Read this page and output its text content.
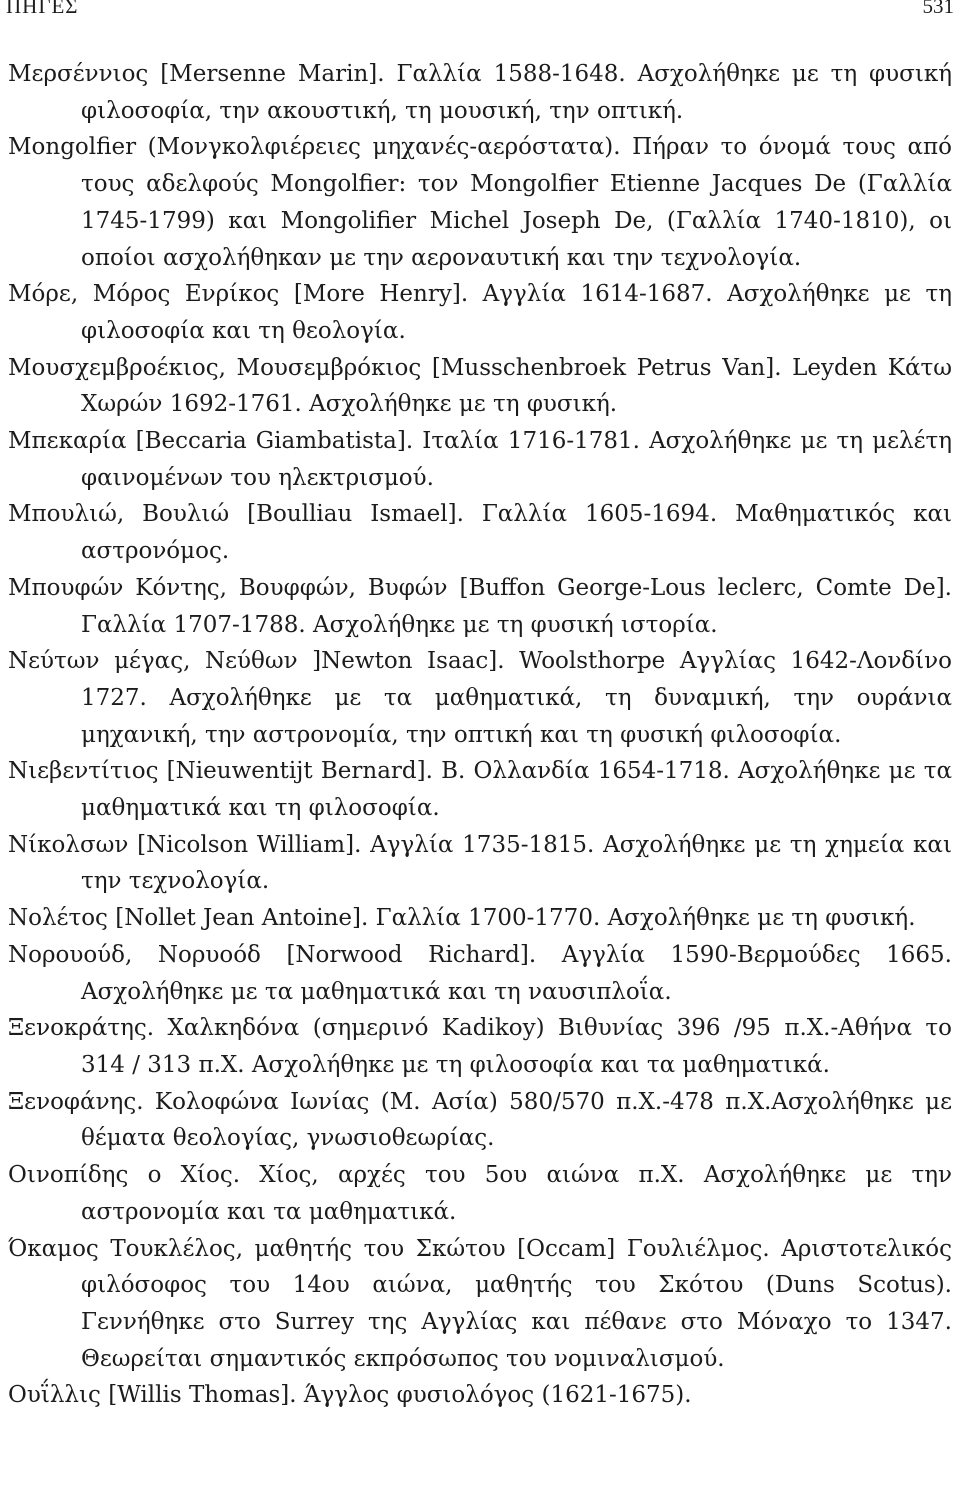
ΠΗΓΕΣ	531

Μερσέννιος [Mersenne Marin]. Γαλλία 1588-1648. Ασχολήθηκε με τη φυσική φιλοσοφία, την ακουστική, τη μουσική, την οπτική.

Mongolfier (Μονγκολφιέρειες μηχανές-αερόστατα). Πήραν το όνομά τους από τους αδελφούς Mongolfier: τον Mongolfier Etienne Jacques De (Γαλλία 1745-1799) και Mongolifier Michel Joseph De, (Γαλλία 1740-1810), οι οποίοι ασχολήθηκαν με την αεροναυτική και την τεχνολογία.

Μόρε, Μόρος Ενρίκος [More Henry]. Αγγλία 1614-1687. Ασχολήθηκε με τη φιλοσοφία και τη θεολογία.

Μουσχεμβροέκιος, Μουσεμβρόκιος [Musschenbroek Petrus Van]. Leyden Κάτω Χωρών 1692-1761. Ασχολήθηκε με τη φυσική.

Μπεκαρία [Beccaria Giambatista]. Ιταλία 1716-1781. Ασχολήθηκε με τη μελέτη φαινομένων του ηλεκτρισμού.

Μπουλιώ, Βουλιώ [Boulliau Ismael]. Γαλλία 1605-1694. Μαθηματικός και αστρονόμος.

Μπουφών Κόντης, Βουφφών, Βυφών [Buffon George-Lous leclerc, Comte De]. Γαλλία 1707-1788. Ασχολήθηκε με τη φυσική ιστορία.

Νεύτων μέγας, Νεύθων ]Newton Isaac]. Woolsthorpe Αγγλίας 1642-Λονδίνο 1727. Ασχολήθηκε με τα μαθηματικά, τη δυναμική, την ουράνια μηχανική, την αστρονομία, την οπτική και τη φυσική φιλοσοφία.

Νιεβεντίτιος [Nieuwentijt Bernard]. Β. Ολλανδία 1654-1718. Ασχολήθηκε με τα μαθηματικά και τη φιλοσοφία.

Νίκολσων [Nicolson William]. Αγγλία 1735-1815. Ασχολήθηκε με τη χημεία και την τεχνολογία.

Νολέτος [Nollet Jean Antoine]. Γαλλία 1700-1770. Ασχολήθηκε με τη φυσική.

Νορουούδ, Νορυοόδ [Norwood Richard]. Αγγλία 1590-Βερμούδες 1665. Ασχολήθηκε με τα μαθηματικά και τη ναυσιπλοΐα.

Ξενοκράτης. Χαλκηδόνα (σημερινό Kadikoy) Βιθυνίας 396 /95 π.Χ.-Αθήνα το 314 / 313 π.Χ. Ασχολήθηκε με τη φιλοσοφία και τα μαθηματικά.

Ξενοφάνης. Κολοφώνα Ιωνίας (Μ. Ασία) 580/570 π.Χ.-478 π.Χ.Ασχολήθηκε με θέματα θεολογίας, γνωσιοθεωρίας.

Οινοπίδης ο Χίος. Χίος, αρχές του 5ου αιώνα π.Χ. Ασχολήθηκε με την αστρονομία και τα μαθηματικά.

Όκαμος Τουκλέλος, μαθητής του Σκώτου [Occam] Γουλιέλμος. Αριστοτελικός φιλόσοφος του 14ου αιώνα, μαθητής του Σκότου (Duns Scotus). Γεννήθηκε στο Surrey της Αγγλίας και πέθανε στο Μόναχο το 1347. Θεωρείται σημαντικός εκπρόσωπος του νομιναλισμού.

Ουΐλλις [Willis Thomas]. Άγγλος φυσιολόγος (1621-1675).
